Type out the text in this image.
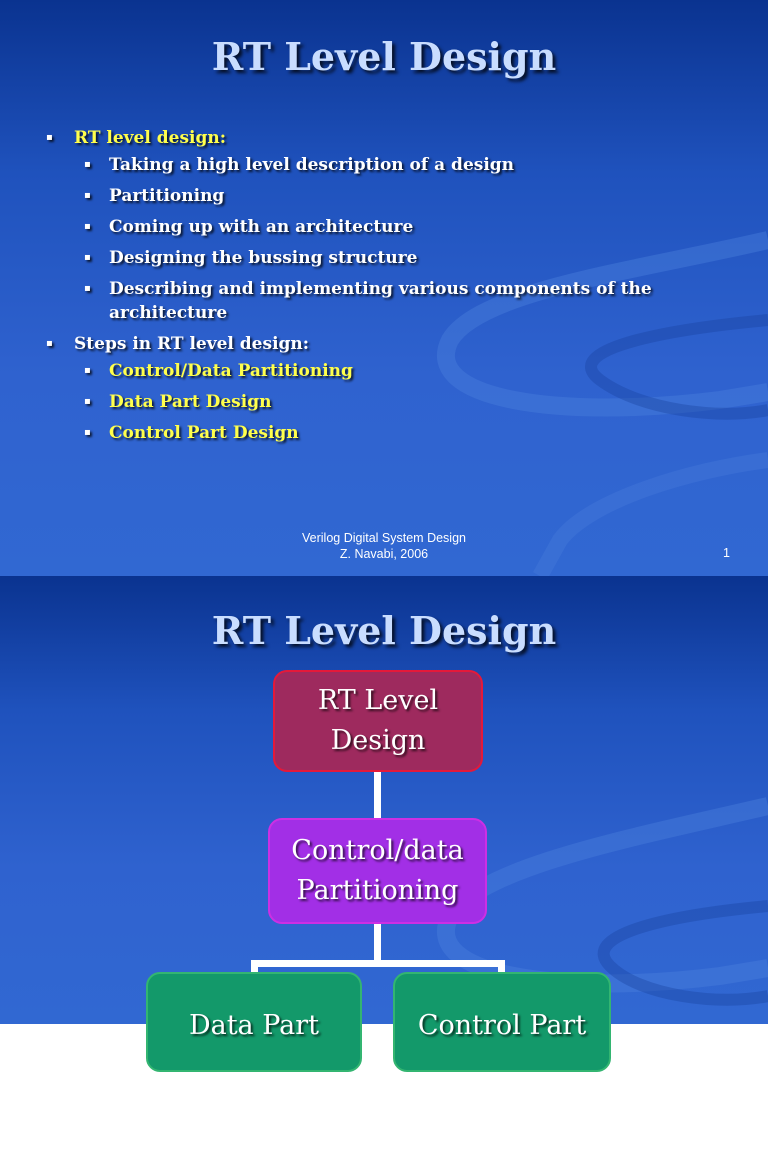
RT Level Design
▪ RT level design:
▪ Taking a high level description of a design
▪ Partitioning
▪ Coming up with an architecture
▪ Designing the bussing structure
▪ Describing and implementing various components of the architecture
▪ Steps in RT level design:
▪ Control/Data Partitioning
▪ Data Part Design
▪ Control Part Design
Verilog Digital System Design
Z. Navabi, 2006	1
RT Level Design
RT Level
Design
Control/data
Partitioning
Data Part	Control Part
